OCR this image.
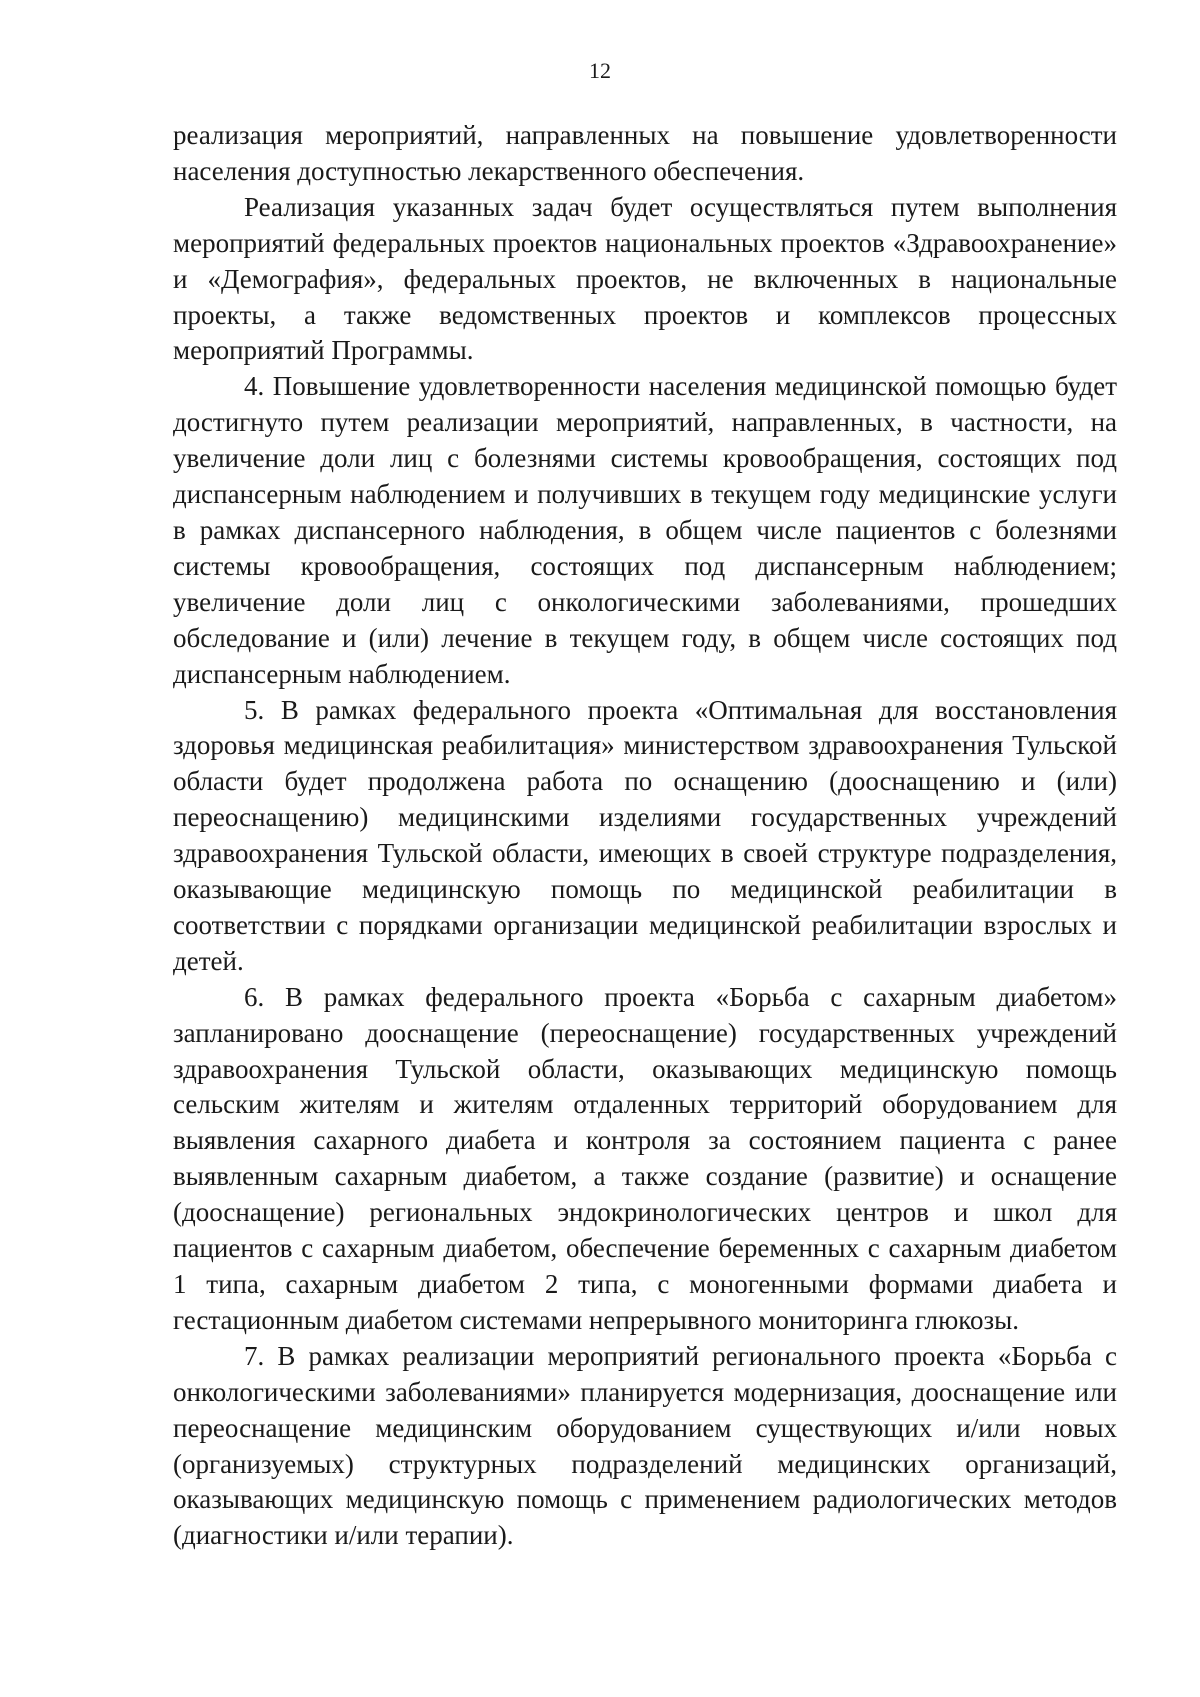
12

реализация мероприятий, направленных на повышение удовлетворенности населения доступностью лекарственного обеспечения.

Реализация указанных задач будет осуществляться путем выполнения мероприятий федеральных проектов национальных проектов «Здравоохранение» и «Демография», федеральных проектов, не включенных в национальные проекты, а также ведомственных проектов и комплексов процессных мероприятий Программы.

4. Повышение удовлетворенности населения медицинской помощью будет достигнуто путем реализации мероприятий, направленных, в частности, на увеличение доли лиц с болезнями системы кровообращения, состоящих под диспансерным наблюдением и получивших в текущем году медицинские услуги в рамках диспансерного наблюдения, в общем числе пациентов с болезнями системы кровообращения, состоящих под диспансерным наблюдением; увеличение доли лиц с онкологическими заболеваниями, прошедших обследование и (или) лечение в текущем году, в общем числе состоящих под диспансерным наблюдением.

5. В рамках федерального проекта «Оптимальная для восстановления здоровья медицинская реабилитация» министерством здравоохранения Тульской области будет продолжена работа по оснащению (дооснащению и (или) переоснащению) медицинскими изделиями государственных учреждений здравоохранения Тульской области, имеющих в своей структуре подразделения, оказывающие медицинскую помощь по медицинской реабилитации в соответствии с порядками организации медицинской реабилитации взрослых и детей.

6. В рамках федерального проекта «Борьба с сахарным диабетом» запланировано дооснащение (переоснащение) государственных учреждений здравоохранения Тульской области, оказывающих медицинскую помощь сельским жителям и жителям отдаленных территорий оборудованием для выявления сахарного диабета и контроля за состоянием пациента с ранее выявленным сахарным диабетом, а также создание (развитие) и оснащение (дооснащение) региональных эндокринологических центров и школ для пациентов с сахарным диабетом, обеспечение беременных с сахарным диабетом 1 типа, сахарным диабетом 2 типа, с моногенными формами диабета и гестационным диабетом системами непрерывного мониторинга глюкозы.

7. В рамках реализации мероприятий регионального проекта «Борьба с онкологическими заболеваниями» планируется модернизация, дооснащение или переоснащение медицинским оборудованием существующих и/или новых (организуемых) структурных подразделений медицинских организаций, оказывающих медицинскую помощь с применением радиологических методов (диагностики и/или терапии).
